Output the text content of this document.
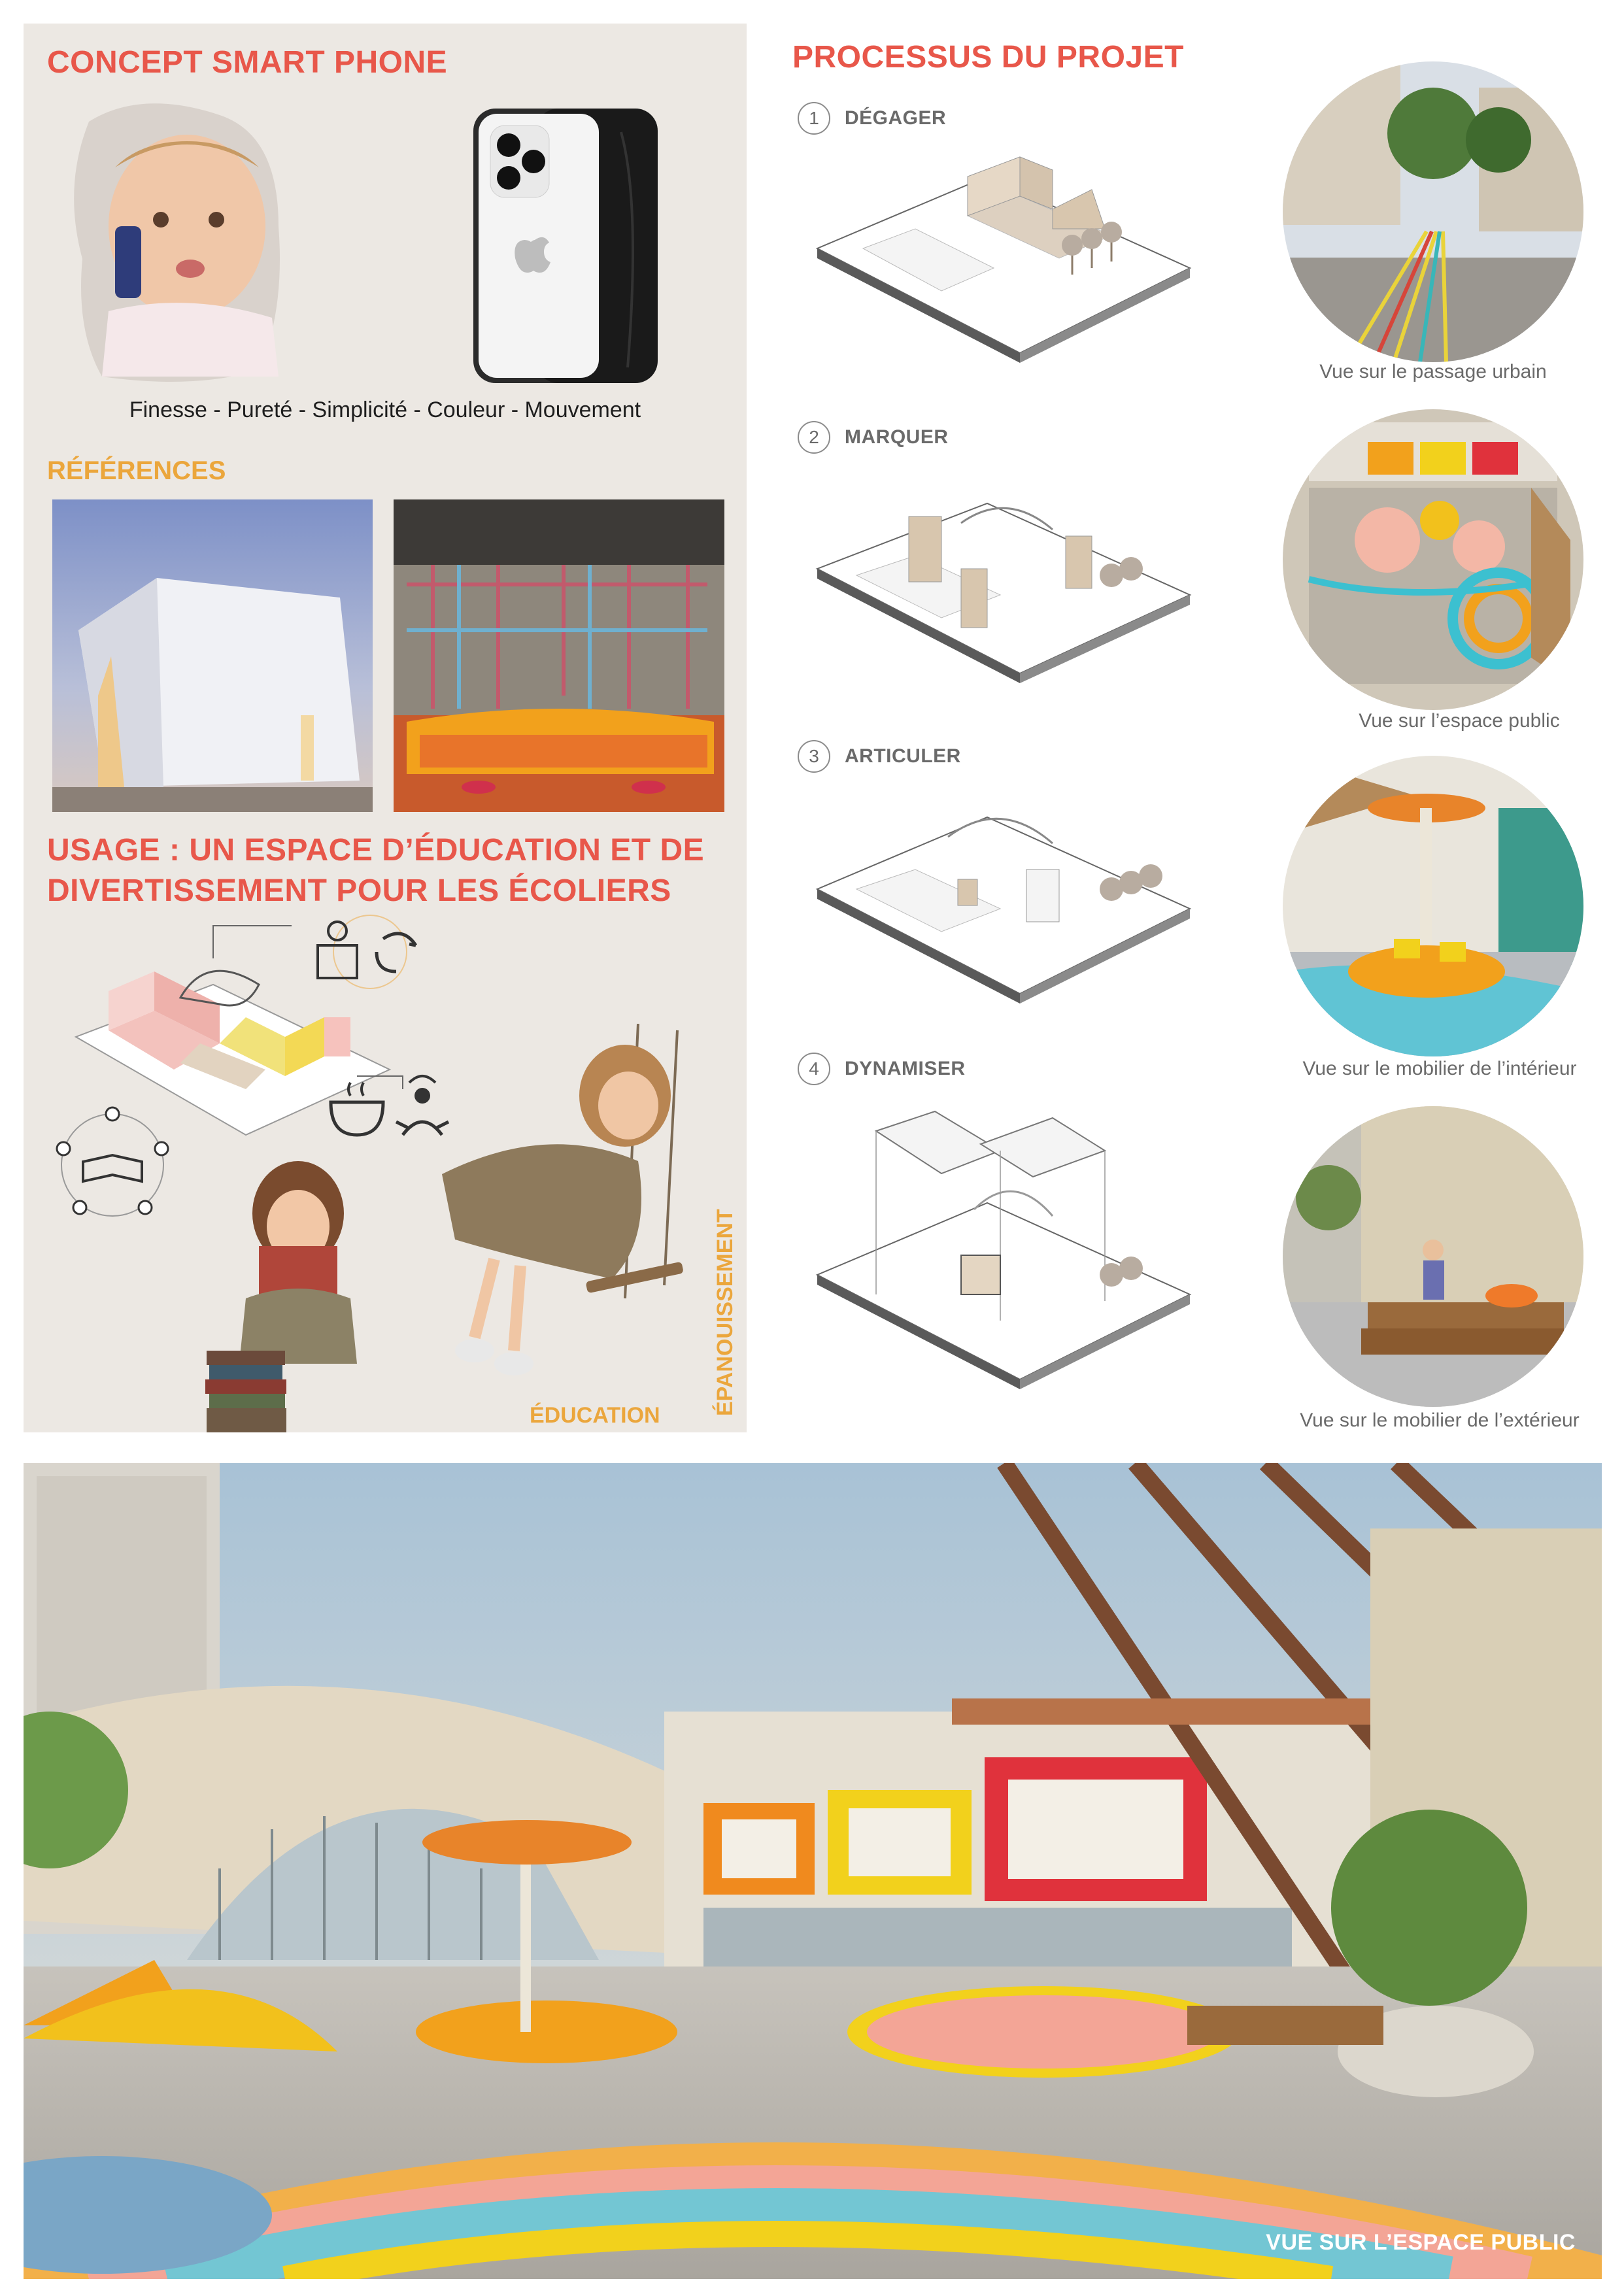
CONCEPT SMART PHONE
Finesse - Pureté - Simplicité - Couleur - Mouvement
RÉFÉRENCES
USAGE : UN ESPACE D’ÉDUCATION ET DE
DIVERTISSEMENT POUR LES ÉCOLIERS
ÉDUCATION ÉPANOUISSEMENT
PROCESSUS DU PROJET
1	DÉGAGER
2	MARQUER
3	ARTICULER
4	DYNAMISER
Vue sur le passage urbain
Vue sur l’espace public
Vue sur le mobilier de l’intérieur
Vue sur le mobilier de l’extérieur
VUE SUR L’ESPACE PUBLIC
